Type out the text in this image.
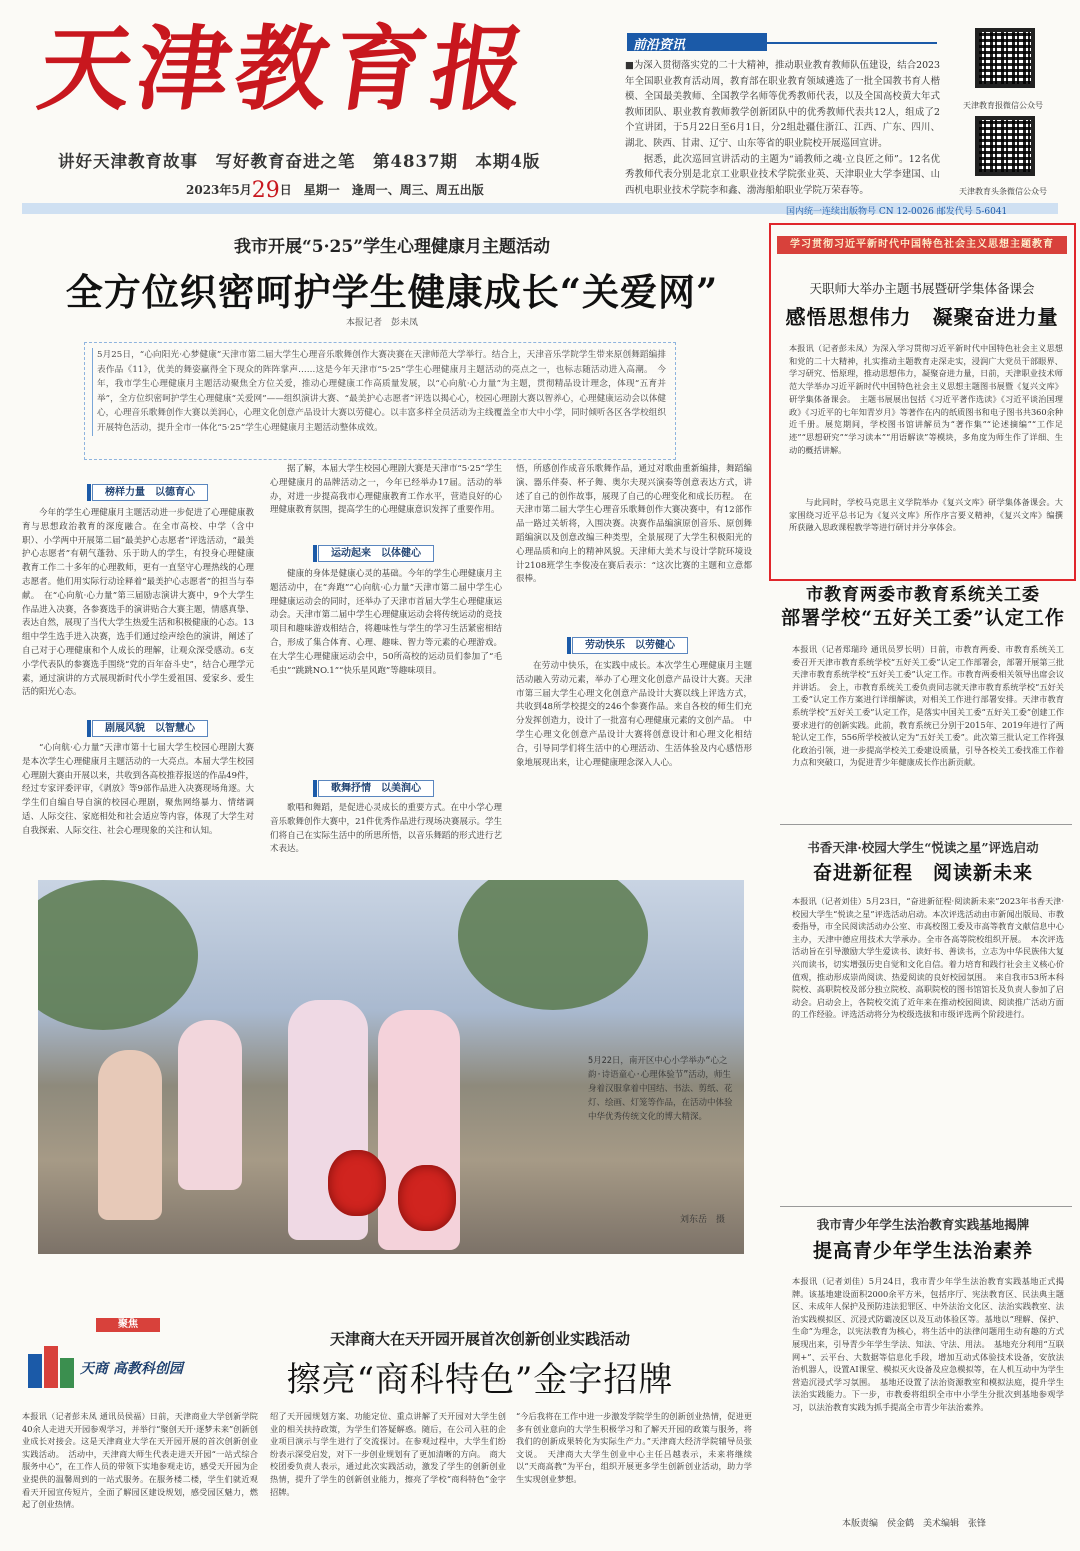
天津教育报
讲好天津教育故事　写好教育奋进之笔　第4837期　本期4版
2023年5月29日　星期一　逢周一、周三、周五出版
前沿资讯

■为深入贯彻落实党的二十大精神，推动职业教育教师队伍建设，结合2023年全国职业教育活动周，教育部在职业教育领域遴选了一批全国教书育人楷模、全国最美教师、全国教学名师等优秀教师代表，以及全国高校黄大年式教师团队、职业教育教师教学创新团队中的优秀教师代表共12人，组成了2个宣讲团，于5月22日至6月1日，分2组赴疆住浙江、江西、广东、四川、湖北、陕西、甘肃、辽宁、山东等省的职业院校开展巡回宣讲。

据悉，此次巡回宣讲活动的主题为“诵教师之魂·立良匠之师”。12名优秀教师代表分别是北京工业职业技术学院张业英、天津职业大学李建国、山西机电职业技术学院李和鑫、渤海船舶职业学院万荣春等。

天津教育报微信公众号
天津教育头条微信公众号
国内统一连续出版物号 CN 12-0026 邮发代号 5-6041
我市开展“5·25”学生心理健康月主题活动
全方位织密呵护学生健康成长“关爱网”
本报记者　彭未凤
5月25日，“心向阳光·心梦健康”天津市第二届大学生心理音乐歌舞创作大赛决赛在天津师范大学举行。结合上，天津音乐学院学生带来原创舞蹈编排表作品《11》，优美的舞姿赢得全下现众的阵阵掌声……这是今年天津市“5·25”学生心理健康月主题活动的亮点之一，也标志随活动进入高潮。　今年，我市学生心理健康月主题活动聚焦全方位关爱，推动心理健康工作高质量发展，以“心向航·心力量”为主题，贯彻精品设计理念，体现“五育并举”，全方位织密呵护学生心理健康“关爱网”——组织演讲大赛、“最美护心志愿者”评选以揭心心，校园心理剧大赛以智养心，心理健康运动会以体健心，心理音乐歌舞创作大赛以美润心，心理文化创意产品设计大赛以劳健心。以丰富多样全员活动为主线覆盖全市大中小学，同时倾听各区各学校组织开展特色活动，提升全市一体化“5·25”学生心理健康月主题活动整体成效。
榜样力量　以德育心
今年的学生心理健康月主题活动进一步促进了心理健康教育与思想政治教育的深度融合。在全市高校、中学（含中职）、小学两中开展第二届“最美护心志愿者”评选活动，“最美护心志愿者”有朝气蓬勃、乐于助人的学生，有投身心理健康教育工作二十多年的心理教师，更有一直坚守心理热线的心理志愿者。他们用实际行动诠释着“最美护心志愿者”的担当与奉献。　在“心向航·心力量”第三届励志演讲大赛中，9个大学生作品进入决赛，各参赛选手的演讲贴合大赛主题，情感真挚、表达自然，展现了当代大学生热爱生活和积极健康的心态。13组中学生选手进入决赛，选手们通过绘声绘色的演讲，阐述了自己对于心理健康和个人成长的理解，让观众深受感动。6支小学代表队的参赛选手围绕“党的百年奋斗史”，结合心理学元素，通过演讲的方式展现新时代小学生爱祖国、爱家乡、爱生活的阳光心态。
剧展风貌　以智慧心
“心向航·心力量”天津市第十七届大学生校园心理剧大赛是本次学生心理健康月主题活动的一大亮点。本届大学生校园心理剧大赛由开展以来，共收到各高校推荐报送的作品49件，经过专家评委评审，《剥放》等9部作品进入决赛现场角逐。大学生们自编自导自演的校园心理剧，聚焦网络暴力、情绪调适、人际交往、家庭相处和社会适应等内容，体现了大学生对自我探索、人际交往、社会心理现象的关注和认知。
据了解，本届大学生校园心理剧大赛是天津市“5·25”学生心理健康月的品牌活动之一，今年已经举办17届。活动的举办，对进一步提高我市心理健康教育工作水平，营造良好的心理健康教育氛围，提高学生的心理健康意识发挥了重要作用。
运动起来　以体健心
健康的身体是健康心灵的基础。今年的学生心理健康月主题活动中，在“奔跑”“心向航·心力量”天津市第二届中学生心理健康运动会的同时，还举办了天津市首届大学生心理健康运动会。天津市第二届中学生心理健康运动会将传统运动的竞技项目和趣味游戏相结合，将趣味性与学生的学习生活紧密相结合，形成了集合体育、心理、趣味、智力等元素的心理游戏。在大学生心理健康运动会中，50所高校的运动员们参加了“毛毛虫”“跳跳NO.1”“快乐星风跑”等趣味项目。
歌舞抒情　以美润心
歌唱和舞蹈，是促进心灵成长的重要方式。在中小学心理音乐歌舞创作大赛中，21件优秀作品进行现场决赛展示。学生们将自己在实际生活中的所思所悟，以音乐舞蹈的形式进行艺术表达。
悟，所感创作成音乐歌舞作品，通过对歌曲重新编排，舞蹈编演、器乐伴奏、杯子舞、奥尔夫现兴演奏等创意表达方式，讲述了自己的创作故事，展现了自己的心理变化和成长历程。　在天津市第二届大学生心理音乐歌舞创作大赛决赛中，有12部作品一路过关斩将，入围决赛。决赛作品编演原创音乐、原创舞蹈编演以及创意改编三种类型，全景展现了大学生积极阳光的心理品质和向上的精神风貌。天津师大美术与设计学院环境设计2108班学生李俊凌在赛后表示：“这次比赛的主题和立意都很棒。
劳动快乐　以劳健心
在劳动中快乐，在实践中成长。本次学生心理健康月主题活动融入劳动元素，举办了心理文化创意产品设计大赛。天津市第三届大学生心理文化创意产品设计大赛以线上评选方式，共收到48所学校提交的246个参赛作品。来自各校的师生们充分发挥创造力，设计了一批富有心理健康元素的文创产品。　中学生心理文化创意产品设计大赛将创意设计和心理文化相结合，引导同学们将生活中的心理活动、生活体验及内心感悟形象地展现出来，让心理健康理念深入人心。
5月22日，南开区中心小学举办“心之韵·诗语童心·心理体验节”活动，师生身着汉服拿着中国结、书法、剪纸、花灯、绘画、灯笼等作品，在活动中体验中华优秀传统文化的博大精深。
刘东岳　摄
学习贯彻习近平新时代中国特色社会主义思想主题教育
天职师大举办主题书展暨研学集体备课会
感悟思想伟力　凝聚奋进力量
本报讯（记者彭未凤）为深入学习贯彻习近平新时代中国特色社会主义思想和党的二十大精神，扎实推动主题教育走深走实，浸润广大党员干部眼界、学习研究、悟原理，推动思想伟力，凝聚奋进力量，日前，天津职业技术师范大学举办习近平新时代中国特色社会主义思想主题图书展暨《复兴文库》研学集体备课会。　主题书展展出包括《习近平著作选读》《习近平谈治国理政》《习近平的七年知青岁月》等著作在内的纸质图书和电子图书共360余种近千册。展览期间，学校图书馆讲解员为“著作集”“论述摘编”“工作足迹”“思想研究”“学习读本”“用语解读”等模块，多角度为师生作了详细、生动的概括讲解。
与此同时，学校马克思主义学院举办《复兴文库》研学集体备课会。大家围绕习近平总书记为《复兴文库》所作序言要义精神，《复兴文库》编撰所获融入思政课程教学等进行研讨并分享体会。
市教育两委市教育系统关工委
部署学校“五好关工委”认定工作
本报讯（记者郑瑞玲 通讯员罗长明）日前，市教育两委、市教育系统关工委召开天津市教育系统学校“五好关工委”认定工作部署会，部署开展第三批天津市教育系统学校“五好关工委”认定工作。市教育两委相关领导出席会议并讲话。　会上，市教育系统关工委负责同志就天津市教育系统学校“五好关工委”认定工作方案进行详细解读，对相关工作进行部署安排。天津市教育系统学校“五好关工委”认定工作，是落实中国关工委“五好关工委”创建工作要求进行的创新实践。此前，教育系统已分别于2015年、2019年进行了两轮认定工作，556所学校被认定为“五好关工委”。此次第三批认定工作将强化政治引领，进一步提高学校关工委建设质量，引导各校关工委找准工作着力点和突破口，为促进青少年健康成长作出新贡献。
书香天津·校园大学生“悦读之星”评选启动
奋进新征程　阅读新未来
本报讯（记者刘佳）5月23日，“奋进新征程·阅读新未来”2023年书香天津·校园大学生“悦读之星”评选活动启动。本次评选活动由市新闻出版局、市教委指导，市全民阅读活动办公室、市高校图工委及市高等教育文献信息中心主办，天津中德应用技术大学承办。全市各高等院校组织开展。　本次评选活动旨在引导激励大学生爱读书、读好书、善读书，立志为中华民族伟大复兴而读书，切实增强历史自觉和文化自信。着力培育和践行社会主义核心价值观，推动形成崇尚阅读、热爱阅读的良好校园氛围。　来自我市53所本科院校、高职院校及部分独立院校、高职院校的图书馆馆长及负责人参加了启动会。启动会上，各院校交流了近年来在推动校园阅读、阅读推广活动方面的工作经验。评选活动将分为校级选拔和市级评选两个阶段进行。
我市青少年学生法治教育实践基地揭牌
提高青少年学生法治素养
本报讯（记者刘佳）5月24日，我市青少年学生法治教育实践基地正式揭牌。该基地建设面积2000余平方米，包括序厅、宪法教育区、民法典主题区、未成年人保护及预防违法犯罪区、中外法治文化区、法治实践教室、法治实践模拟区、沉浸式防霸凌区以及互动体验区等。基地以“理解、保护、生命”为理念，以宪法教育为核心，将生活中的法律问题用生动有趣的方式展现出来，引导青少年学生学法、知法、守法、用法。　基地充分利用“互联网+”、云平台、大数据等信息化手段，增加互动式体验技术设备，安放法治机器人，设置AI课堂、模拟灭火设备及应急模拟等，在人机互动中为学生营造沉浸式学习氛围。　基地还设置了法治资源教室和模拟法庭，提升学生法治实践能力。下一步，市教委将组织全市中小学生分批次到基地参观学习，以法治教育实践为抓手提高全市青少年法治素养。
聚焦
天商 高教科创园
天津商大在天开园开展首次创新创业实践活动
擦亮“商科特色”金字招牌
本报讯（记者彭未凤 通讯员侯福）日前，天津商业大学创新学院40余人走进天开园参观学习，并举行“聚创天开·逐梦未来”创新创业成长对接会。这是天津商业大学在天开园开展的首次创新创业实践活动。　活动中，天津商大师生代表走进天开园“一站式综合服务中心”，在工作人员的带领下实地参观走访，感受天开园为企业提供的温馨周到的一站式服务。在服务楼二楼，学生们就近观看天开园宣传短片，全面了解园区建设规划，感受园区魅力，燃起了创业热情。
绍了天开园规划方案、功能定位、重点讲解了天开园对大学生创业的相关扶持政策，为学生们答疑解惑。随后，在公司入驻的企业项目演示与学生进行了交流探讨。在参观过程中，大学生们纷纷表示深受启发，对下一步创业规划有了更加清晰的方向。　商大校团委负责人表示，通过此次实践活动，激发了学生的创新创业热情，提升了学生的创新创业能力，擦亮了学校“商科特色”金字招牌。
“今后我将在工作中进一步激发学院学生的创新创业热情，促进更多有创业意向的大学生积极学习和了解天开园的政策与服务，将我们的创新成果转化为实际生产力。”天津商大经济学院辅导员张文说。　天津商大大学生创业中心主任吕越表示，未来将继续以“天商高教”为平台，组织开展更多学生创新创业活动，助力学生实现创业梦想。
本版责编　侯金鹤　美术编辑　张锋
